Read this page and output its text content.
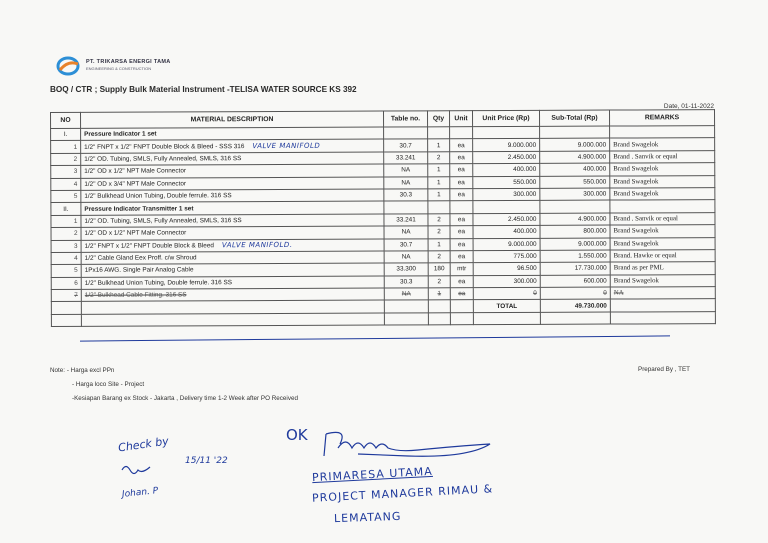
PT. TRIKARSA ENERGI TAMA
ENGINEERING & CONSTRUCTION
BOQ / CTR ; Supply Bulk Material Instrument -TELISA WATER SOURCE KS 392
Date, 01-11-2022
NO	MATERIAL DESCRIPTION	Table no.	Qty	Unit	Unit Price (Rp)	Sub-Total (Rp)	REMARKS
I.	Pressure Indicator 1 set						
1	1/2" FNPT x 1/2" FNPT Double Block & Bleed - SSS 316 VALVE MANIFOLD	30.7	1	ea	9.000.000	9.000.000	Brand Swagelok
2	1/2" OD. Tubing, SMLS, Fully Annealed, SMLS, 316 SS	33.241	2	ea	2.450.000	4.900.000	Brand . Sanvik or equal
3	1/2" OD x 1/2" NPT Male Connector	NA	1	ea	400.000	400.000	Brand Swagelok
4	1/2" OD x 3/4" NPT Male Connector	NA	1	ea	550.000	550.000	Brand Swagelok
5	1/2" Bulkhead Union Tubing, Double ferrule. 316 SS	30.3	1	ea	300.000	300.000	Brand Swagelok
II.	Pressure Indicator Transmitter 1 set						
1	1/2" OD. Tubing, SMLS, Fully Annealed, SMLS, 316 SS	33.241	2	ea	2.450.000	4.900.000	Brand . Sanvik or equal
2	1/2" OD x 1/2" NPT Male Connector	NA	2	ea	400.000	800.000	Brand Swagelok
3	1/2" FNPT x 1/2" FNPT Double Block & Bleed VALVE MANIFOLD.	30.7	1	ea	9.000.000	9.000.000	Brand Swagelok
4	1/2" Cable Gland Eex Proff. c/w Shroud	NA	2	ea	775.000	1.550.000	Brand. Hawke or equal
5	1Px16 AWG. Single Pair Analog Cable	33.300	180	mtr	96.500	17.730.000	Brand as per PML
6	1/2" Bulkhead Union Tubing, Double ferrule. 316 SS	30.3	2	ea	300.000	600.000	Brand Swagelok
7	1/2" Bulkhead Cable Fitting. 316 SS	NA	1	ea	0	0	NA
					TOTAL	49.730.000	

Note: - Harga excl PPn
- Harga loco Site - Project
-Kesiapan Barang ex Stock - Jakarta , Delivery time 1-2 Week after PO Received
Prepared By , TET
Check by
15/11 '22
Johan. P
OK
PRIMARESA UTAMA
PROJECT MANAGER RIMAU &
LEMATANG
